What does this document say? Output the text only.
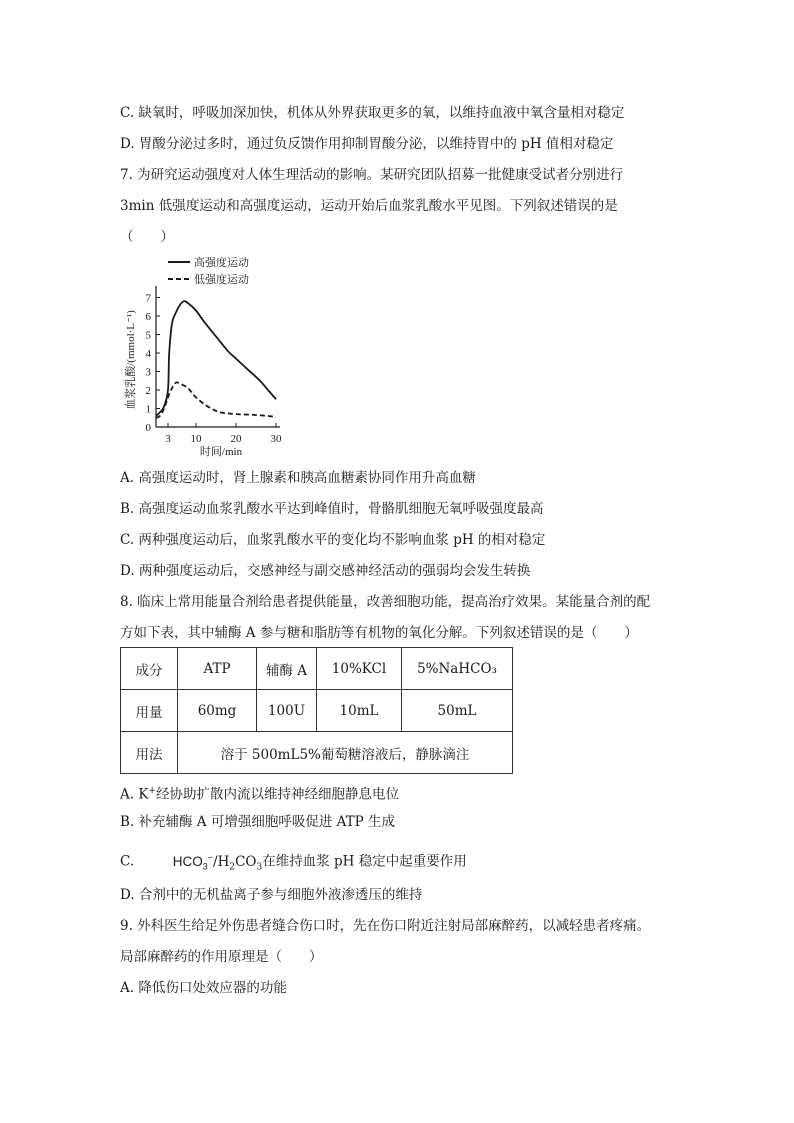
C. 缺氧时，呼吸加深加快，机体从外界获取更多的氧，以维持血液中氧含量相对稳定
D. 胃酸分泌过多时，通过负反馈作用抑制胃酸分泌，以维持胃中的 pH 值相对稳定
7. 为研究运动强度对人体生理活动的影响。某研究团队招募一批健康受试者分别进行
3min 低强度运动和高强度运动，运动开始后血浆乳酸水平见图。下列叙述错误的是
（　　）
高强度运动
低强度运动
0
1
2
3
4
5
6
7
3 10	20	30
血浆乳酸/(mmol·L⁻¹)
时间/min
A. 高强度运动时，肾上腺素和胰高血糖素协同作用升高血糖
B. 高强度运动血浆乳酸水平达到峰值时，骨骼肌细胞无氧呼吸强度最高
C. 两种强度运动后，血浆乳酸水平的变化均不影响血浆 pH 的相对稳定
D. 两种强度运动后，交感神经与副交感神经活动的强弱均会发生转换
8. 临床上常用能量合剂给患者提供能量，改善细胞功能，提高治疗效果。某能量合剂的配
方如下表，其中辅酶 A 参与糖和脂肪等有机物的氧化分解。下列叙述错误的是（　　）
成分	ATP	辅酶 A	10%KCl	5%NaHCO₃
用量	60mg	100U	10mL	50mL
用法	溶于 500mL5%葡萄糖溶液后，静脉滴注			
A. K+经协助扩散内流以维持神经细胞静息电位
B. 补充辅酶 A 可增强细胞呼吸促进 ATP 生成
C.	$HCO_3^-/H_2CO_3$在维持血浆 pH 稳定中起重要作用
D. 合剂中的无机盐离子参与细胞外液渗透压的维持
9. 外科医生给足外伤患者缝合伤口时，先在伤口附近注射局部麻醉药，以减轻患者疼痛。
局部麻醉药的作用原理是（　　）
A. 降低伤口处效应器的功能
